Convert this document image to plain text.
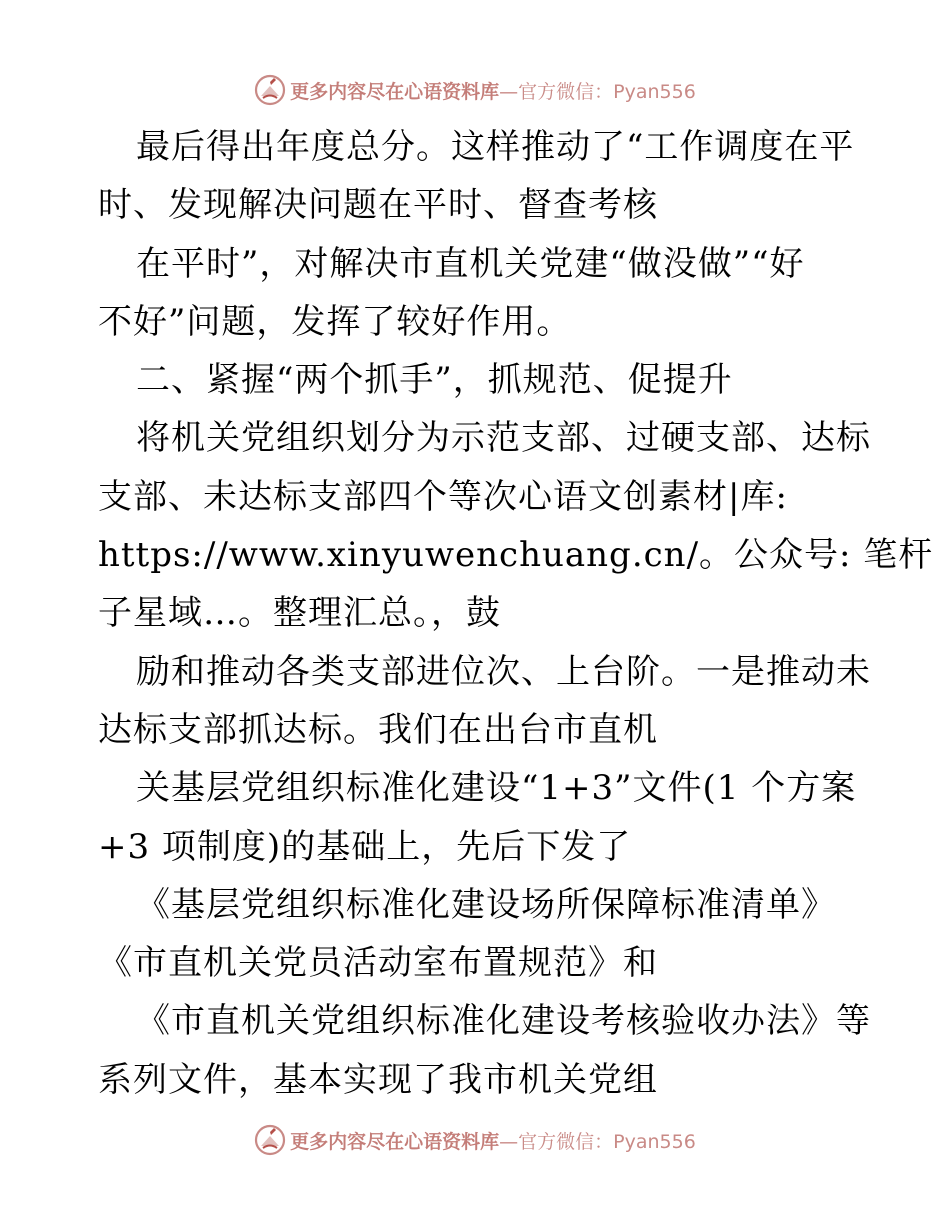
更多内容尽在心语资料库—官方微信：Pyan556
最后得出年度总分。这样推动了“工作调度在平
时、发现解决问题在平时、督查考核
在平时”，对解决市直机关党建“做没做”“好
不好”问题，发挥了较好作用。
二、紧握“两个抓手”，抓规范、促提升
将机关党组织划分为示范支部、过硬支部、达标
支部、未达标支部四个等次心语文创素材|库:
https://www.xinyuwenchuang.cn/。公众号: 笔杆
子星域…。整理汇总。，鼓
励和推动各类支部进位次、上台阶。一是推动未
达标支部抓达标。我们在出台市直机
关基层党组织标准化建设“1+3”文件(1 个方案
+3 项制度)的基础上，先后下发了
《基层党组织标准化建设场所保障标准清单》
《市直机关党员活动室布置规范》和
《市直机关党组织标准化建设考核验收办法》等
系列文件，基本实现了我市机关党组
更多内容尽在心语资料库—官方微信：Pyan556
